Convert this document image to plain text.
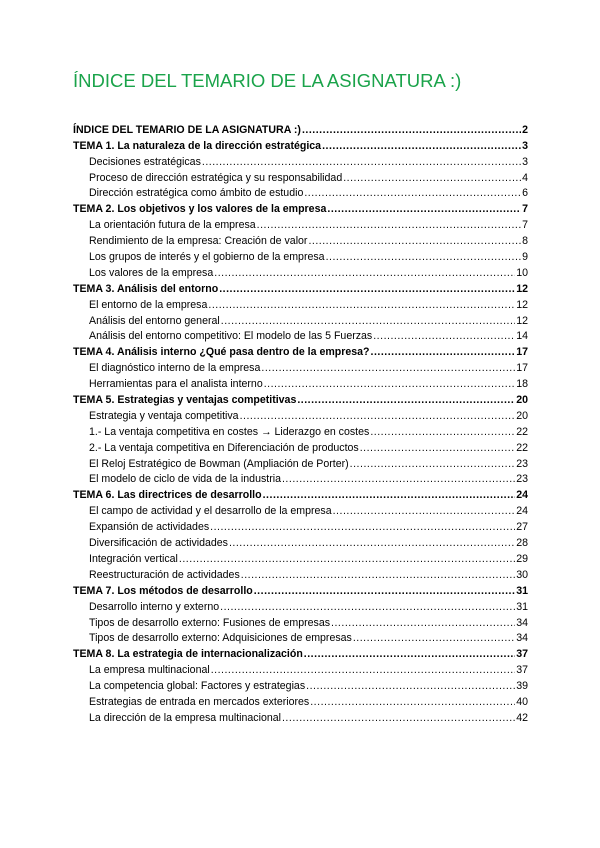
ÍNDICE DEL TEMARIO DE LA ASIGNATURA :)
ÍNDICE DEL TEMARIO DE LA ASIGNATURA :) .....	2
TEMA 1. La naturaleza de la dirección estratégica .....	3
Decisiones estratégicas .....	3
Proceso de dirección estratégica y su responsabilidad .....	4
Dirección estratégica como ámbito de estudio .....	6
TEMA 2. Los objetivos y los valores de la empresa .....	7
La orientación futura de la empresa .....	7
Rendimiento de la empresa: Creación de valor .....	8
Los grupos de interés y el gobierno de la empresa .....	9
Los valores de la empresa .....	10
TEMA 3. Análisis del entorno .....	12
El entorno de la empresa .....	12
Análisis del entorno general .....	12
Análisis del entorno competitivo: El modelo de las 5 Fuerzas .....	14
TEMA 4. Análisis interno ¿Qué pasa dentro de la empresa? .....	17
El diagnóstico interno de la empresa .....	17
Herramientas para el analista interno .....	18
TEMA 5. Estrategias y ventajas competitivas .....	20
Estrategia y ventaja competitiva .....	20
1.- La ventaja competitiva en costes → Liderazgo en costes .....	22
2.- La ventaja competitiva en Diferenciación de productos .....	22
El Reloj Estratégico de Bowman (Ampliación de Porter) .....	23
El modelo de ciclo de vida de la industria .....	23
TEMA 6. Las directrices de desarrollo .....	24
El campo de actividad y el desarrollo de la empresa .....	24
Expansión de actividades .....	27
Diversificación de actividades .....	28
Integración vertical .....	29
Reestructuración de actividades .....	30
TEMA 7. Los métodos de desarrollo .....	31
Desarrollo interno y externo .....	31
Tipos de desarrollo externo: Fusiones de empresas .....	34
Tipos de desarrollo externo: Adquisiciones de empresas .....	34
TEMA 8. La estrategia de internacionalización .....	37
La empresa multinacional .....	37
La competencia global: Factores y estrategias .....	39
Estrategias de entrada en mercados exteriores .....	40
La dirección de la empresa multinacional .....	42
